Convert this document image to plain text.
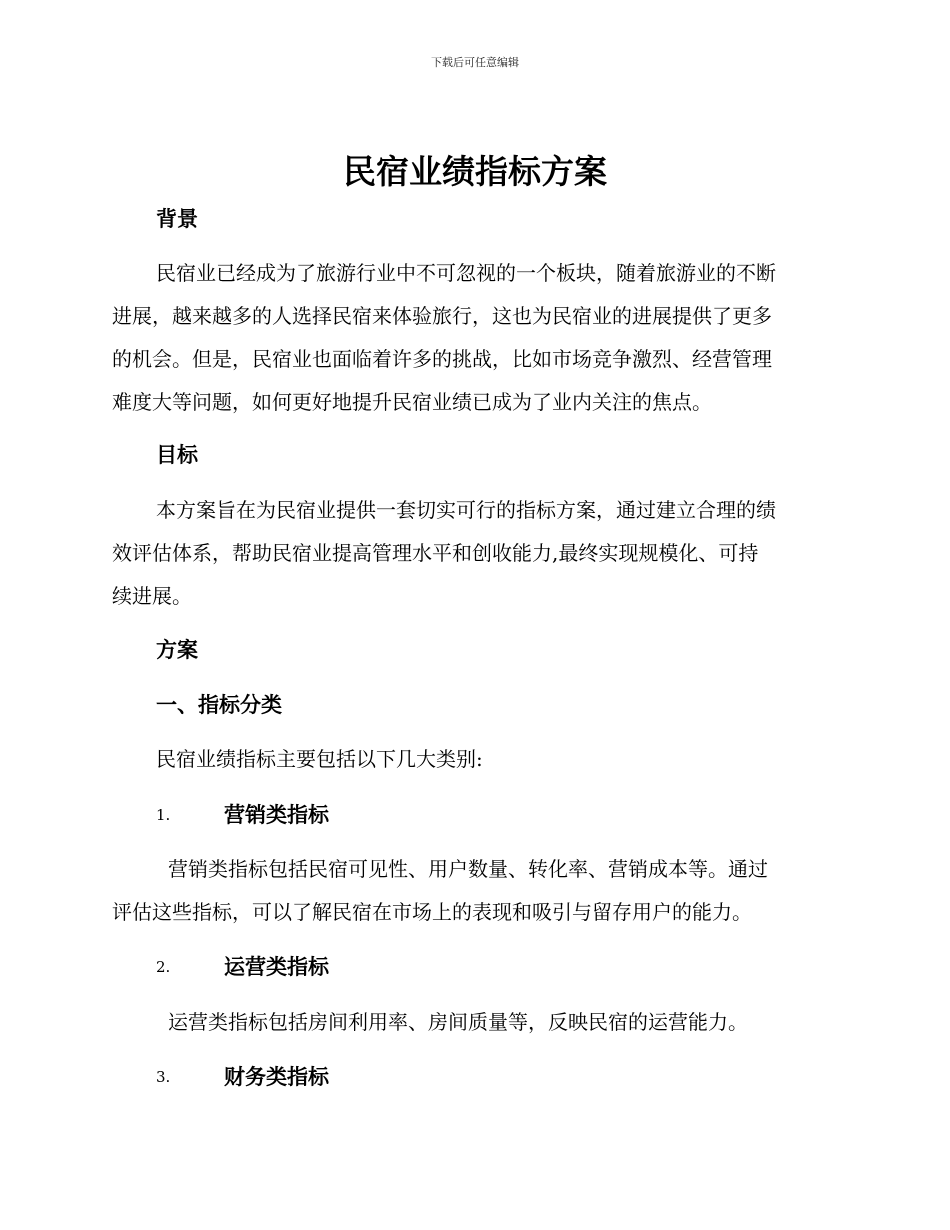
下载后可任意编辑
民宿业绩指标方案
背景
民宿业已经成为了旅游行业中不可忽视的一个板块，随着旅游业的不断
进展，越来越多的人选择民宿来体验旅行，这也为民宿业的进展提供了更多
的机会。但是，民宿业也面临着许多的挑战，比如市场竞争激烈、经营管理
难度大等问题，如何更好地提升民宿业绩已成为了业内关注的焦点。
目标
本方案旨在为民宿业提供一套切实可行的指标方案，通过建立合理的绩
效评估体系，帮助民宿业提高管理水平和创收能力,最终实现规模化、可持
续进展。
方案
一、指标分类
民宿业绩指标主要包括以下几大类别:
1.	营销类指标
营销类指标包括民宿可见性、用户数量、转化率、营销成本等。通过
评估这些指标，可以了解民宿在市场上的表现和吸引与留存用户的能力。
2.	运营类指标
运营类指标包括房间利用率、房间质量等，反映民宿的运营能力。
3.	财务类指标
